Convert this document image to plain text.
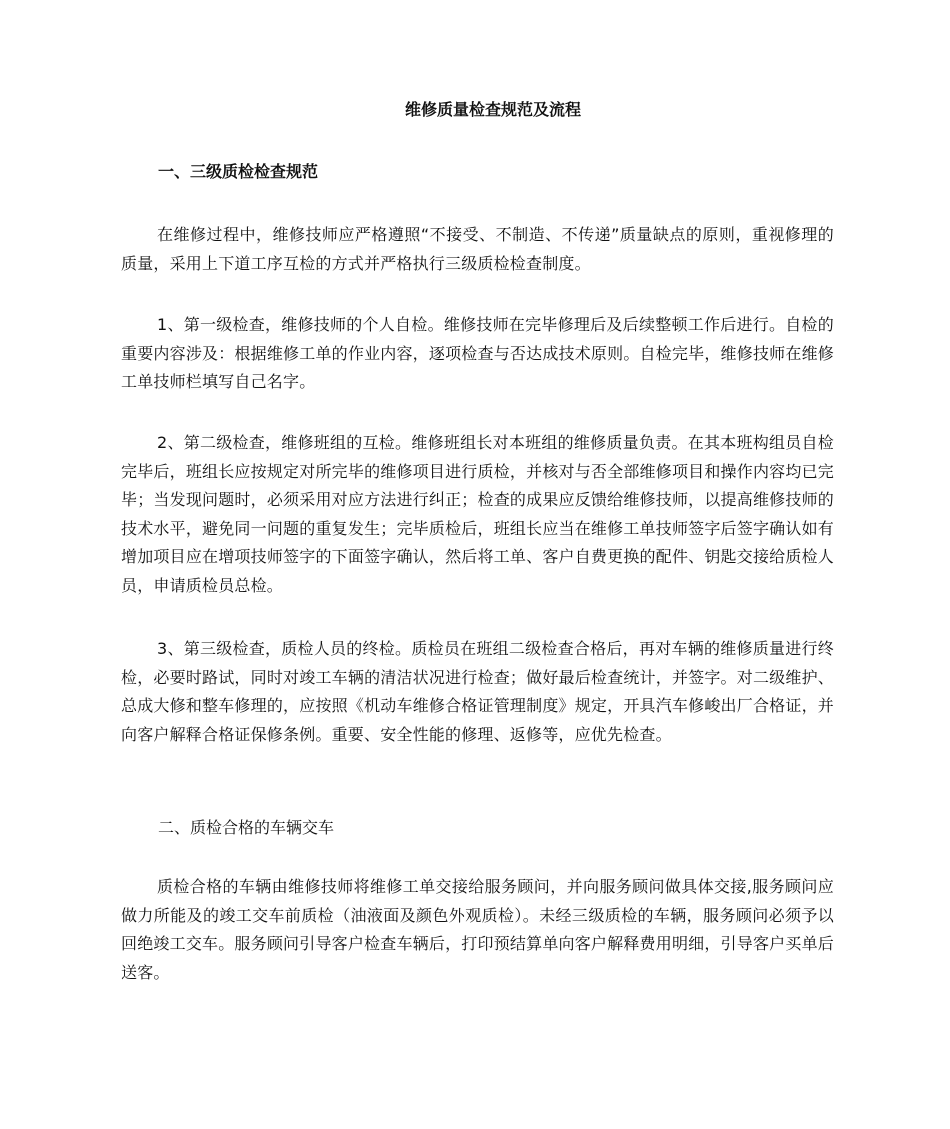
维修质量检查规范及流程
一、三级质检检查规范

在维修过程中，维修技师应严格遵照“不接受、不制造、不传递”质量缺点的原则，重视修理的质量，采用上下道工序互检的方式并严格执行三级质检检查制度。

1、第一级检查，维修技师的个人自检。维修技师在完毕修理后及后续整顿工作后进行。自检的重要内容涉及：根据维修工单的作业内容，逐项检查与否达成技术原则。自检完毕，维修技师在维修工单技师栏填写自己名字。

2、第二级检查，维修班组的互检。维修班组长对本班组的维修质量负责。在其本班构组员自检完毕后，班组长应按规定对所完毕的维修项目进行质检，并核对与否全部维修项目和操作内容均已完毕；当发现问题时，必须采用对应方法进行纠正；检查的成果应反馈给维修技师，以提高维修技师的技术水平，避免同一问题的重复发生；完毕质检后，班组长应当在维修工单技师签字后签字确认如有增加项目应在增项技师签字的下面签字确认，然后将工单、客户自费更换的配件、钥匙交接给质检人员，申请质检员总检。

3、第三级检查，质检人员的终检。质检员在班组二级检查合格后，再对车辆的维修质量进行终检，必要时路试，同时对竣工车辆的清洁状况进行检查；做好最后检查统计，并签字。对二级维护、总成大修和整车修理的，应按照《机动车维修合格证管理制度》规定，开具汽车修峻出厂合格证，并向客户解释合格证保修条例。重要、安全性能的修理、返修等，应优先检查。

二、质检合格的车辆交车

质检合格的车辆由维修技师将维修工单交接给服务顾问，并向服务顾问做具体交接,服务顾问应做力所能及的竣工交车前质检（油液面及颜色外观质检）。未经三级质检的车辆，服务顾问必须予以回绝竣工交车。服务顾问引导客户检查车辆后，打印预结算单向客户解释费用明细，引导客户买单后送客。
